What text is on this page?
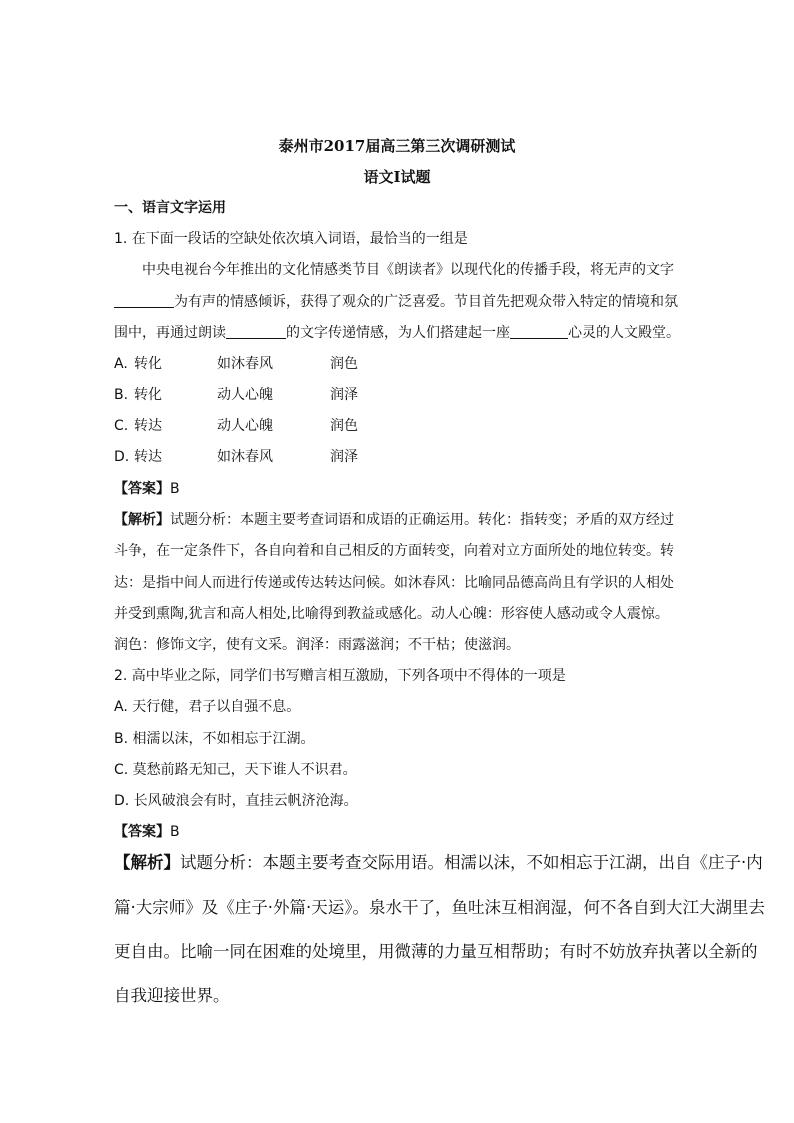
泰州市2017届高三第三次调研测试
语文Ⅰ试题
一、语言文字运用
1. 在下面一段话的空缺处依次填入词语，最恰当的一组是
中央电视台今年推出的文化情感类节目《朗读者》以现代化的传播手段，将无声的文字
为有声的情感倾诉，获得了观众的广泛喜爱。节目首先把观众带入特定的情境和氛
围中，再通过朗读	的文字传递情感，为人们搭建起一座	心灵的人文殿堂。
A. 转化	如沐春风	润色
B. 转化	动人心魄	润泽
C. 转达	动人心魄	润色
D. 转达	如沐春风	润泽
【答案】B
【解析】试题分析：本题主要考查词语和成语的正确运用。转化：指转变；矛盾的双方经过
斗争，在一定条件下，各自向着和自己相反的方面转变，向着对立方面所处的地位转变。转
达：是指中间人而进行传递或传达转达问候。如沐春风：比喻同品德高尚且有学识的人相处
并受到熏陶,犹言和高人相处,比喻得到教益或感化。动人心魄：形容使人感动或令人震惊。
润色：修饰文字，使有文采。润泽：雨露滋润；不干枯；使滋润。
2. 高中毕业之际，同学们书写赠言相互激励，下列各项中不得体的一项是
A. 天行健，君子以自强不息。
B. 相濡以沫，不如相忘于江湖。
C. 莫愁前路无知己，天下谁人不识君。
D. 长风破浪会有时，直挂云帆济沧海。
【答案】B
【解析】试题分析：本题主要考查交际用语。相濡以沫，不如相忘于江湖，出自《庄子·内
篇·大宗师》及《庄子·外篇·天运》。泉水干了，鱼吐沫互相润湿，何不各自到大江大湖里去
更自由。比喻一同在困难的处境里，用微薄的力量互相帮助；有时不妨放弃执著以全新的
自我迎接世界。
